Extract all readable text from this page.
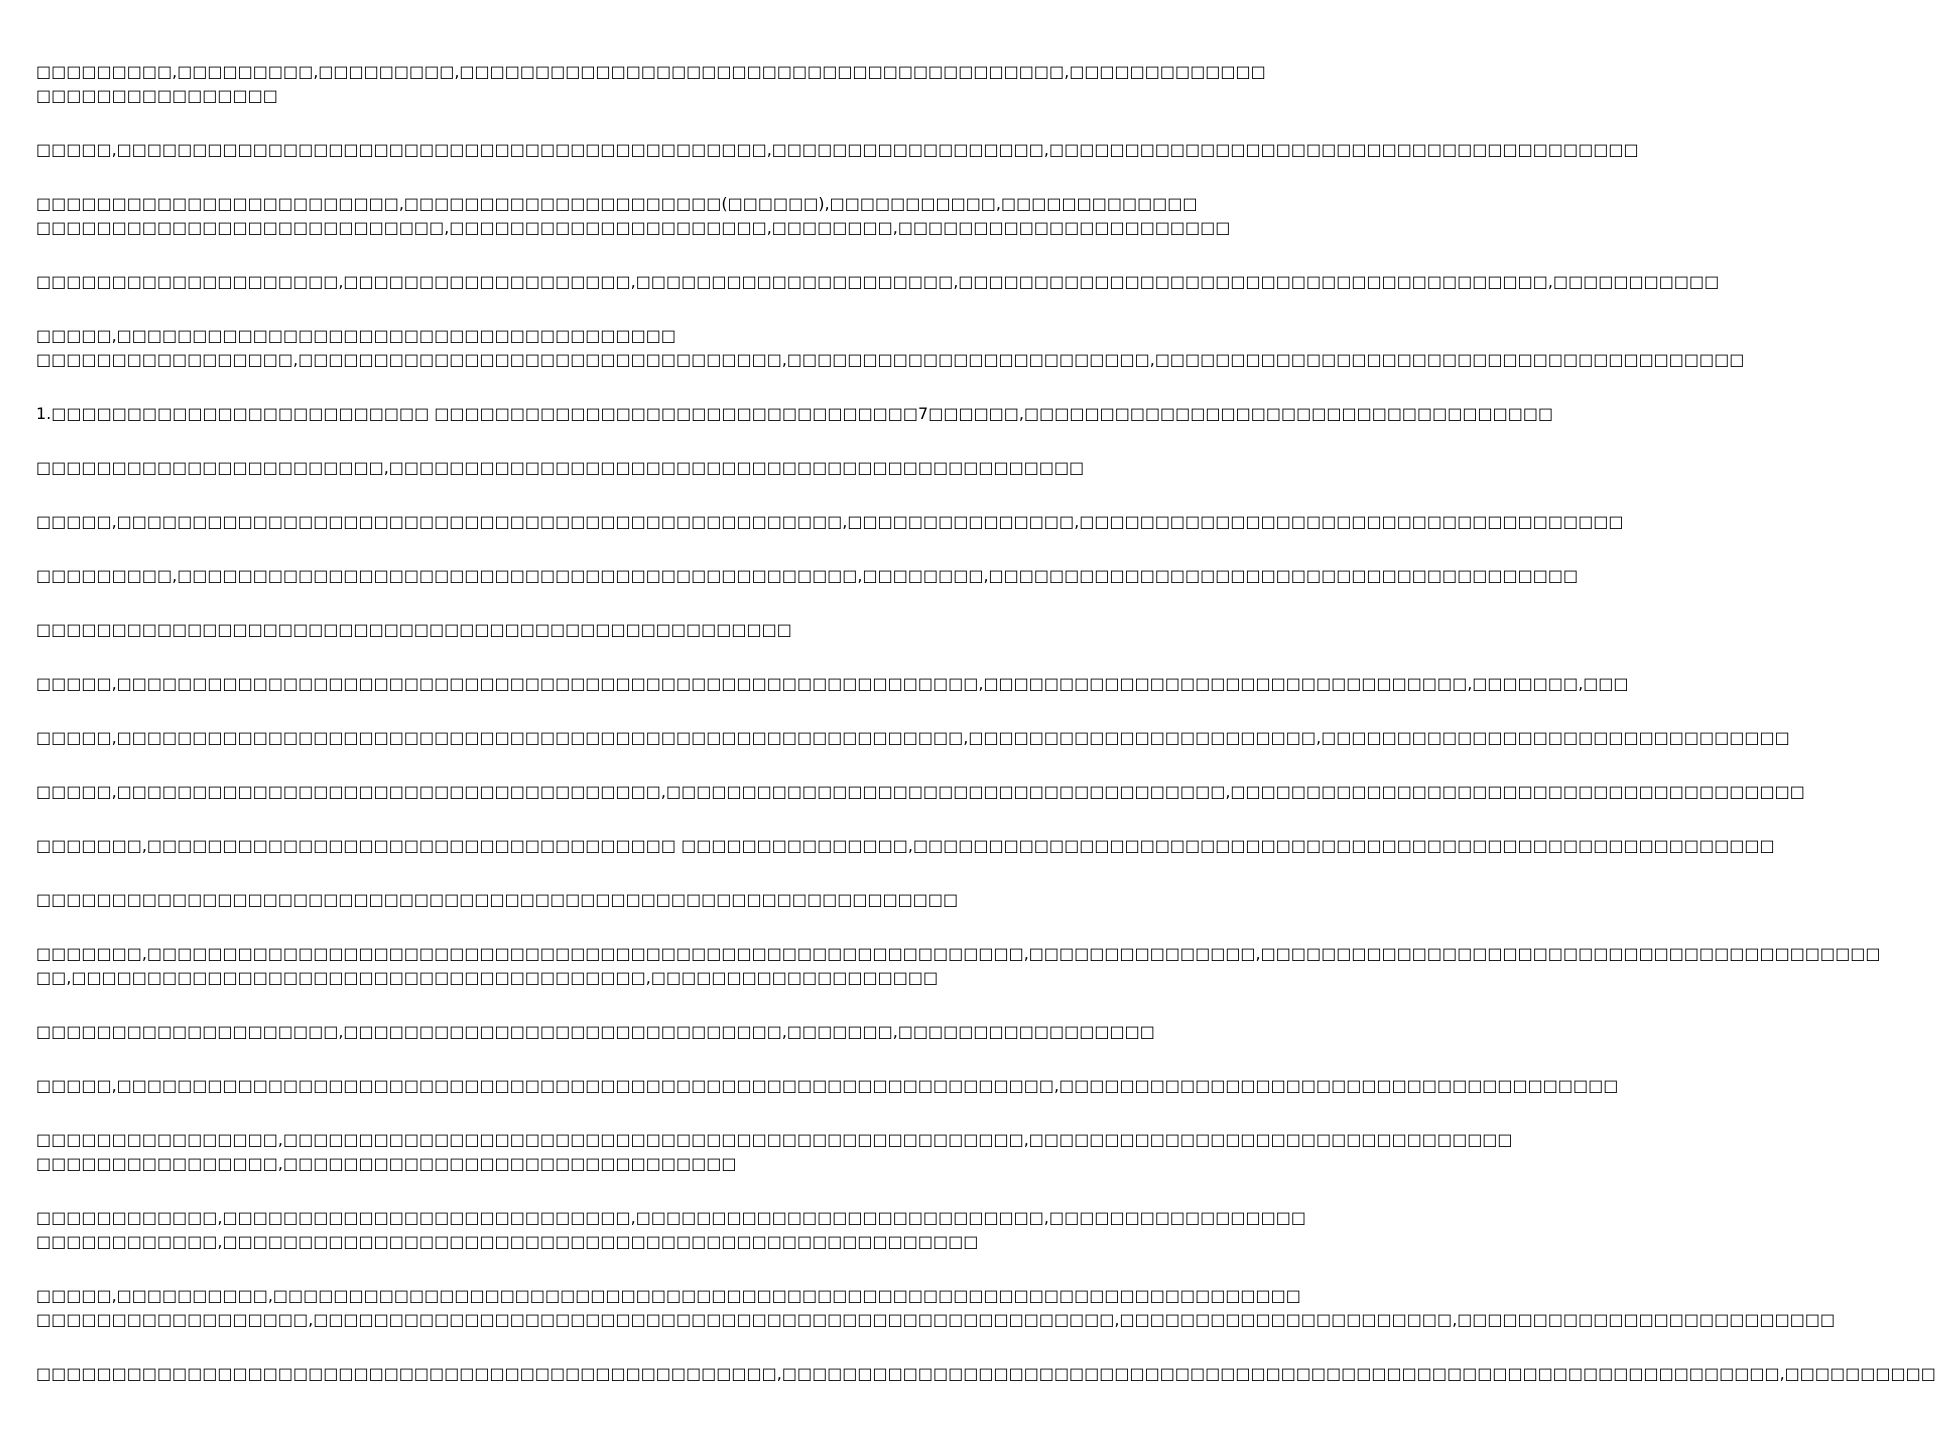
□□□□□□□□□,□□□□□□□□□,□□□□□□□□□,□□□□□□□□□□□□□□□□□□□□□□□□□□□□□□□□□□□□□□□□,□□□□□□□□□□□□□
□□□□□□□□□□□□□□□□

□□□□□,□□□□□□□□□□□□□□□□□□□□□□□□□□□□□□□□□□□□□□□□□□□,□□□□□□□□□□□□□□□□□□,□□□□□□□□□□□□□□□□□□□□□□□□□□□□□□□□□□□□□□□

□□□□□□□□□□□□□□□□□□□□□□□□,□□□□□□□□□□□□□□□□□□□□□(□□□□□□),□□□□□□□□□□□,□□□□□□□□□□□□□
□□□□□□□□□□□□□□□□□□□□□□□□□□□,□□□□□□□□□□□□□□□□□□□□□,□□□□□□□□,□□□□□□□□□□□□□□□□□□□□□□

□□□□□□□□□□□□□□□□□□□□,□□□□□□□□□□□□□□□□□□□,□□□□□□□□□□□□□□□□□□□□□,□□□□□□□□□□□□□□□□□□□□□□□□□□□□□□□□□□□□□□□,□□□□□□□□□□□

□□□□□,□□□□□□□□□□□□□□□□□□□□□□□□□□□□□□□□□□□□□
□□□□□□□□□□□□□□□□□,□□□□□□□□□□□□□□□□□□□□□□□□□□□□□□□□,□□□□□□□□□□□□□□□□□□□□□□□□,□□□□□□□□□□□□□□□□□□□□□□□□□□□□□□□□□□□□□□□

1.□□□□□□□□□□□□□□□□□□□□□□□□□ □□□□□□□□□□□□□□□□□□□□□□□□□□□□□□□□7□□□□□□,□□□□□□□□□□□□□□□□□□□□□□□□□□□□□□□□□□□

□□□□□□□□□□□□□□□□□□□□□□□,□□□□□□□□□□□□□□□□□□□□□□□□□□□□□□□□□□□□□□□□□□□□□□

□□□□□,□□□□□□□□□□□□□□□□□□□□□□□□□□□□□□□□□□□□□□□□□□□□□□□□,□□□□□□□□□□□□□□□,□□□□□□□□□□□□□□□□□□□□□□□□□□□□□□□□□□□□

□□□□□□□□□,□□□□□□□□□□□□□□□□□□□□□□□□□□□□□□□□□□□□□□□□□□□□□,□□□□□□□□,□□□□□□□□□□□□□□□□□□□□□□□□□□□□□□□□□□□□□□□

□□□□□□□□□□□□□□□□□□□□□□□□□□□□□□□□□□□□□□□□□□□□□□□□□□

□□□□□,□□□□□□□□□□□□□□□□□□□□□□□□□□□□□□□□□□□□□□□□□□□□□□□□□□□□□□□□□,□□□□□□□□□□□□□□□□□□□□□□□□□□□□□□□□,□□□□□□□,□□□

□□□□□,□□□□□□□□□□□□□□□□□□□□□□□□□□□□□□□□□□□□□□□□□□□□□□□□□□□□□□□□,□□□□□□□□□□□□□□□□□□□□□□□,□□□□□□□□□□□□□□□□□□□□□□□□□□□□□□□

□□□□□,□□□□□□□□□□□□□□□□□□□□□□□□□□□□□□□□□□□□,□□□□□□□□□□□□□□□□□□□□□□□□□□□□□□□□□□□□□,□□□□□□□□□□□□□□□□□□□□□□□□□□□□□□□□□□□□□□

□□□□□□□,□□□□□□□□□□□□□□□□□□□□□□□□□□□□□□□□□□□ □□□□□□□□□□□□□□□,□□□□□□□□□□□□□□□□□□□□□□□□□□□□□□□□□□□□□□□□□□□□□□□□□□□□□□□□□

□□□□□□□□□□□□□□□□□□□□□□□□□□□□□□□□□□□□□□□□□□□□□□□□□□□□□□□□□□□□□

□□□□□□□,□□□□□□□□□□□□□□□□□□□□□□□□□□□□□□□□□□□□□□□□□□□□□□□□□□□□□□□□□□,□□□□□□□□□□□□□□□,□□□□□□□□□□□□□□□□□□□□□□□□□□□□□□□□□□□□□□□□□
□□,□□□□□□□□□□□□□□□□□□□□□□□□□□□□□□□□□□□□□□,□□□□□□□□□□□□□□□□□□□

□□□□□□□□□□□□□□□□□□□□,□□□□□□□□□□□□□□□□□□□□□□□□□□□□□,□□□□□□□,□□□□□□□□□□□□□□□□□

□□□□□,□□□□□□□□□□□□□□□□□□□□□□□□□□□□□□□□□□□□□□□□□□□□□□□□□□□□□□□□□□□□□□,□□□□□□□□□□□□□□□□□□□□□□□□□□□□□□□□□□□□□

□□□□□□□□□□□□□□□□,□□□□□□□□□□□□□□□□□□□□□□□□□□□□□□□□□□□□□□□□□□□□□□□□□,□□□□□□□□□□□□□□□□□□□□□□□□□□□□□□□□
□□□□□□□□□□□□□□□□,□□□□□□□□□□□□□□□□□□□□□□□□□□□□□□

□□□□□□□□□□□□,□□□□□□□□□□□□□□□□□□□□□□□□□□□,□□□□□□□□□□□□□□□□□□□□□□□□□□□,□□□□□□□□□□□□□□□□□
□□□□□□□□□□□□,□□□□□□□□□□□□□□□□□□□□□□□□□□□□□□□□□□□□□□□□□□□□□□□□□□

□□□□□,□□□□□□□□□□,□□□□□□□□□□□□□□□□□□□□□□□□□□□□□□□□□□□□□□□□□□□□□□□□□□□□□□□□□□□□□□□□□□□□
□□□□□□□□□□□□□□□□□□,□□□□□□□□□□□□□□□□□□□□□□□□□□□□□□□□□□□□□□□□□□□□□□□□□□□□□,□□□□□□□□□□□□□□□□□□□□□□,□□□□□□□□□□□□□□□□□□□□□□□□□

□□□□□□□□□□□□□□□□□□□□□□□□□□□□□□□□□□□□□□□□□□□□□□□□□,□□□□□□□□□□□□□□□□□□□□□□□□□□□□□□□□□□□□□□□□□□□□□□□□□□□□□□□□□□□□□□□□□□,□□□□□□□□□□
